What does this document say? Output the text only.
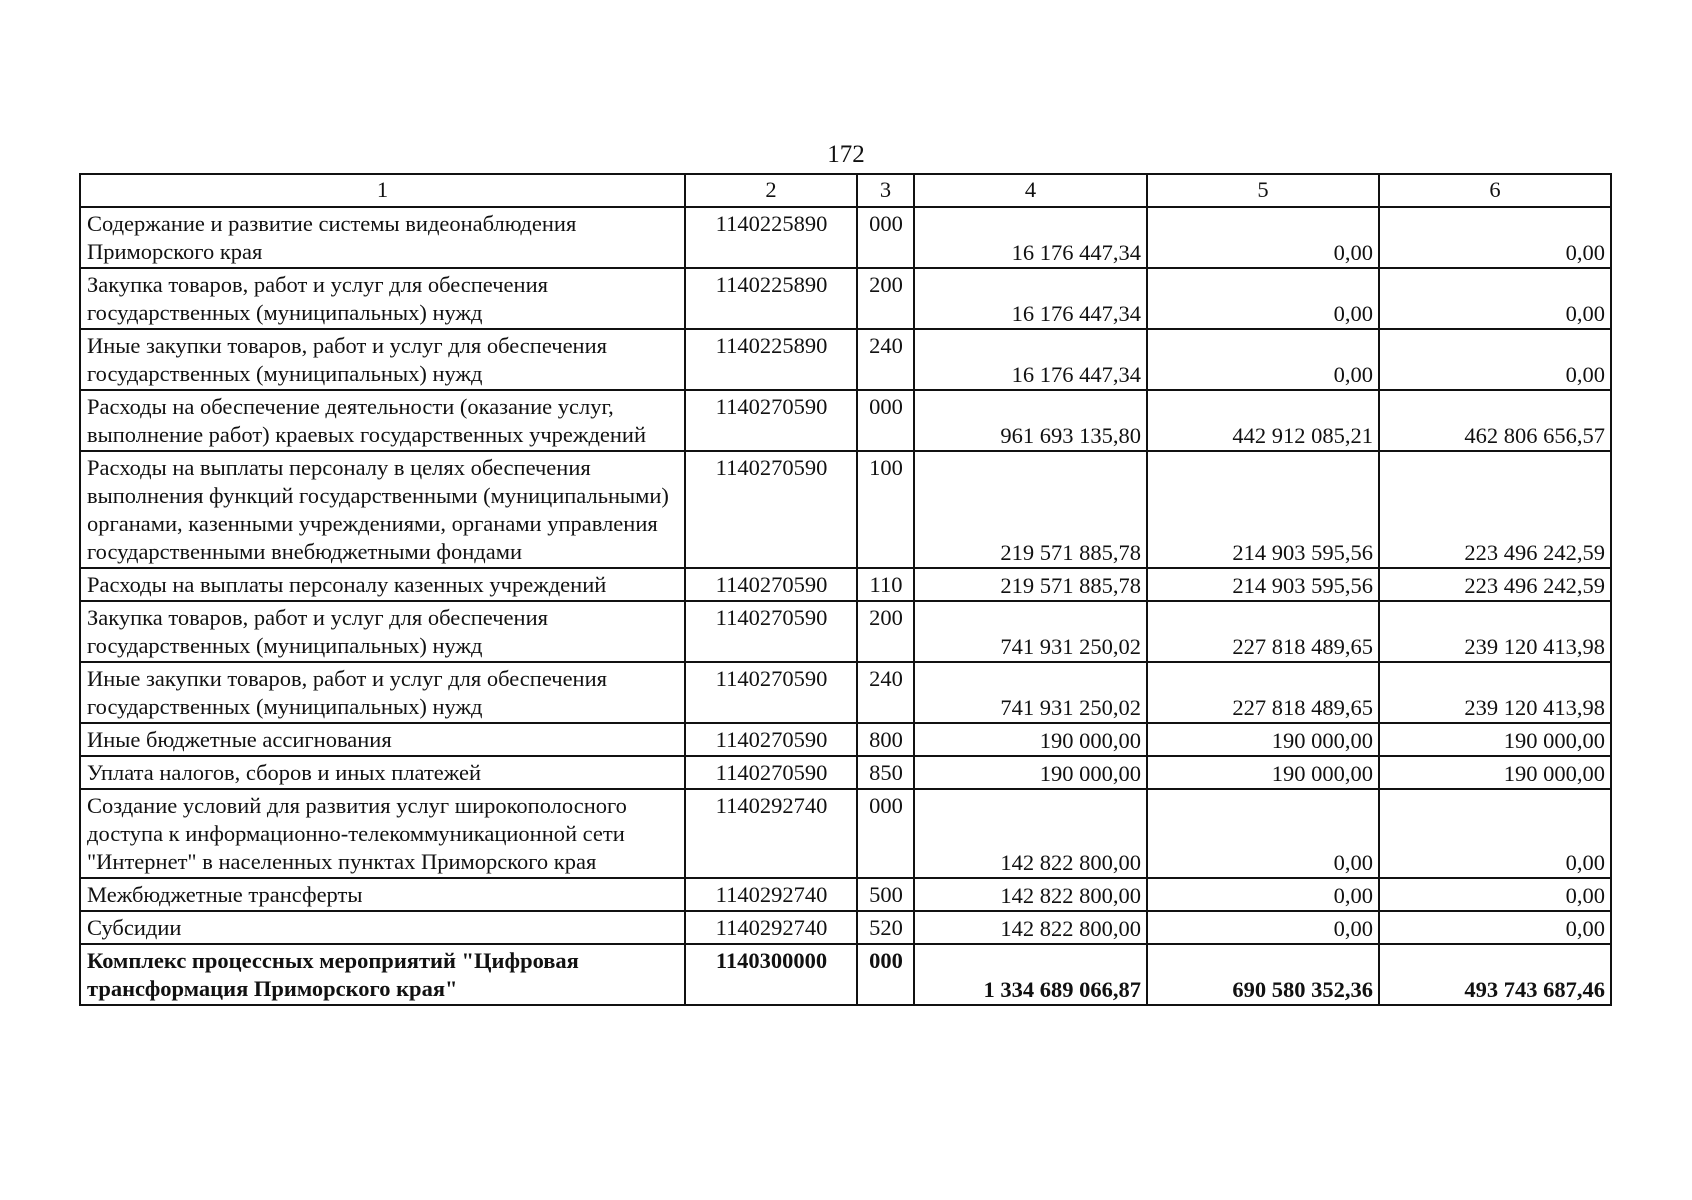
172
1	2	3	4	5	6
Содержание и развитие системы видеонаблюдения Приморского края	1140225890	000	16 176 447,34	0,00	0,00
Закупка товаров, работ и услуг для обеспечения государственных (муниципальных) нужд	1140225890	200	16 176 447,34	0,00	0,00
Иные закупки товаров, работ и услуг для обеспечения государственных (муниципальных) нужд	1140225890	240	16 176 447,34	0,00	0,00
Расходы на обеспечение деятельности (оказание услуг, выполнение работ) краевых государственных учреждений	1140270590	000	961 693 135,80	442 912 085,21	462 806 656,57
Расходы на выплаты персоналу в целях обеспечения выполнения функций государственными (муниципальными) органами, казенными учреждениями, органами управления государственными внебюджетными фондами	1140270590	100	219 571 885,78	214 903 595,56	223 496 242,59
Расходы на выплаты персоналу казенных учреждений	1140270590	110	219 571 885,78	214 903 595,56	223 496 242,59
Закупка товаров, работ и услуг для обеспечения государственных (муниципальных) нужд	1140270590	200	741 931 250,02	227 818 489,65	239 120 413,98
Иные закупки товаров, работ и услуг для обеспечения государственных (муниципальных) нужд	1140270590	240	741 931 250,02	227 818 489,65	239 120 413,98
Иные бюджетные ассигнования	1140270590	800	190 000,00	190 000,00	190 000,00
Уплата налогов, сборов и иных платежей	1140270590	850	190 000,00	190 000,00	190 000,00
Создание условий для развития услуг широкополосного доступа к информационно-телекоммуникационной сети "Интернет" в населенных пунктах Приморского края	1140292740	000	142 822 800,00	0,00	0,00
Межбюджетные трансферты	1140292740	500	142 822 800,00	0,00	0,00
Субсидии	1140292740	520	142 822 800,00	0,00	0,00
Комплекс процессных мероприятий "Цифровая трансформация Приморского края"	1140300000	000	1 334 689 066,87	690 580 352,36	493 743 687,46
